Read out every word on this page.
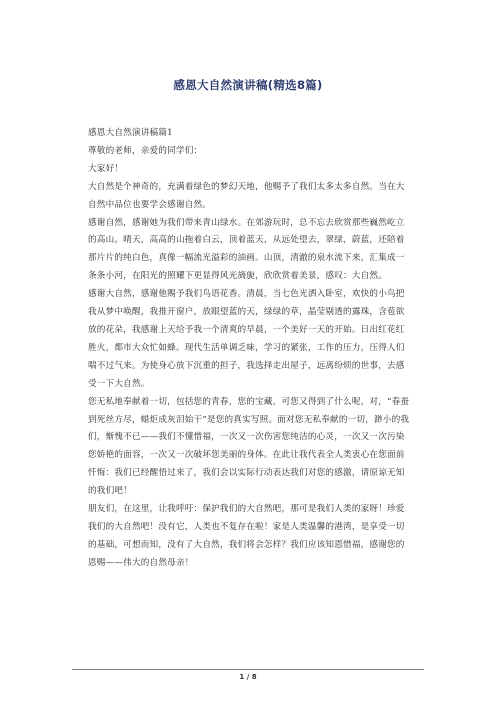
感恩大自然演讲稿(精选8篇)

感恩大自然演讲稿篇1

尊敬的老师，亲爱的同学们：

大家好！

大自然是个神奇的，充满着绿色的梦幻天地，他赐予了我们太多太多自然。当在大自然中品位也要学会感谢自然。

感谢自然，感谢她为我们带来青山绿水。在郊游玩时，总不忘去欣赏那些巍然屹立的高山。晴天，高高的山拖着白云，顶着蓝天，从远处望去，翠绿，蔚蓝，还陪着那片片的纯白色，真像一幅流光溢彩的油画。山顶，清澈的泉水流下来，汇集成一条条小河，在阳光的照耀下更显得风光旖旎，欣欣赏着美景，感叹：大自然。

感谢大自然，感谢他赐予我们鸟语花香。清晨，当七色光洒入卧室，欢快的小鸟把我从梦中唤醒，我推开窗户，放眼望蓝的天，绿绿的草，晶莹剔透的露珠，含苞欲放的花朵，我感谢上天给予我一个清爽的早晨，一个美好一天的开始。日出红花红胜火，都市大众忙如蜂。现代生活单调乏味，学习的紧张，工作的压力，压得人们喘不过气来。为使身心放下沉重的担子，我选择走出屋子，远离纷烦的世事，去感受一下大自然。

您无私地奉献着一切，包括您的青春，您的宝藏，可您又得到了什么呢，对，“春蚕到死丝方尽，蜡炬成灰泪始干”是您的真实写照。面对您无私奉献的一切，渺小的我们，惭愧不已——我们不懂惜福，一次又一次伤害您纯洁的心灵，一次又一次污染您娇艳的面容，一次又一次破坏您美丽的身体。在此让我代表全人类衷心在您面前忏悔：我们已经醒悟过来了，我们会以实际行动表达我们对您的感激，请原谅无知的我们吧！

朋友们，在这里，让我呼吁：保护我们的大自然吧，那可是我们人类的家呀！珍爱我们的大自然吧！没有它，人类也不复存在啦！家是人类温馨的港湾，是享受一切的基础，可想而知，没有了大自然，我们将会怎样？我们应该知恩惜福，感谢您的恩赐——伟大的自然母亲！

1 / 8
